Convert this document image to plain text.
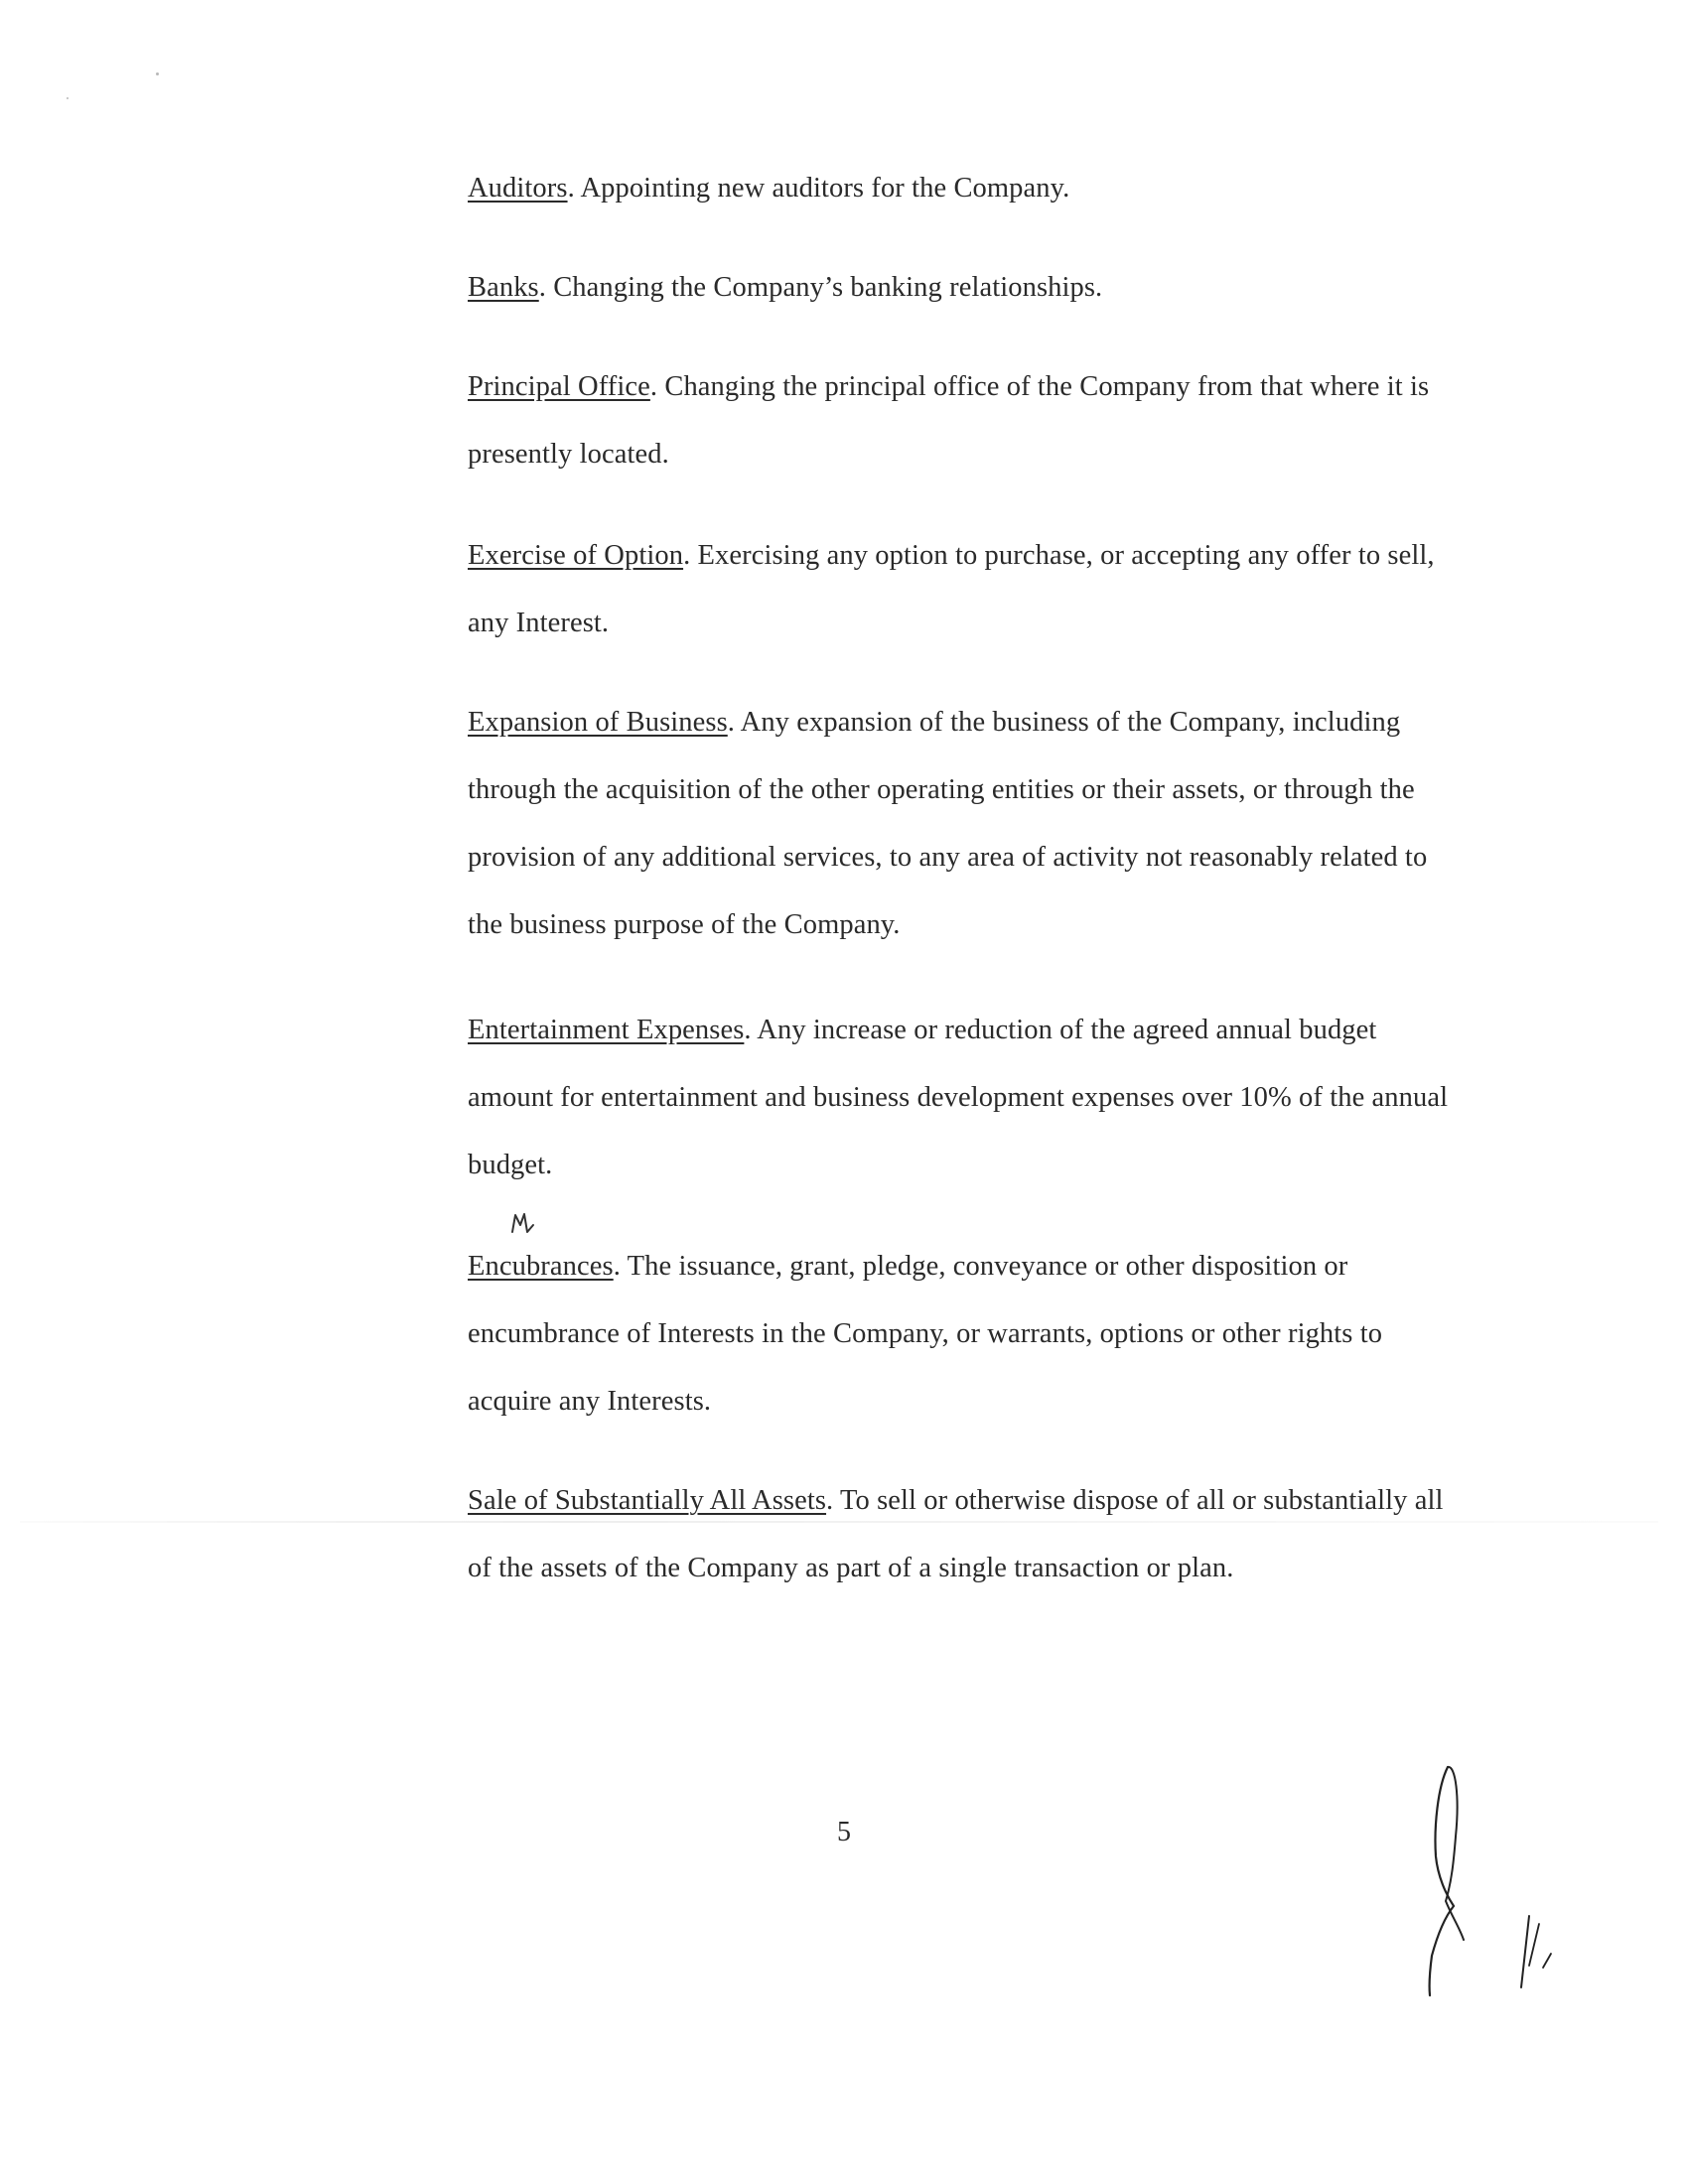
Auditors. Appointing new auditors for the Company.

Banks. Changing the Company’s banking relationships.

Principal Office. Changing the principal office of the Company from that where it is presently located.

Exercise of Option. Exercising any option to purchase, or accepting any offer to sell, any Interest.

Expansion of Business. Any expansion of the business of the Company, including through the acquisition of the other operating entities or their assets, or through the provision of any additional services, to any area of activity not reasonably related to the business purpose of the Company.

Entertainment Expenses. Any increase or reduction of the agreed annual budget amount for entertainment and business development expenses over 10% of the annual budget.

Encubrances
. The issuance, grant, pledge, conveyance or other disposition or encumbrance of Interests in the Company, or warrants, options or other rights to acquire any Interests.

Sale of Substantially All Assets. To sell or otherwise dispose of all or substantially all of the assets of the Company as part of a single transaction or plan.

5
